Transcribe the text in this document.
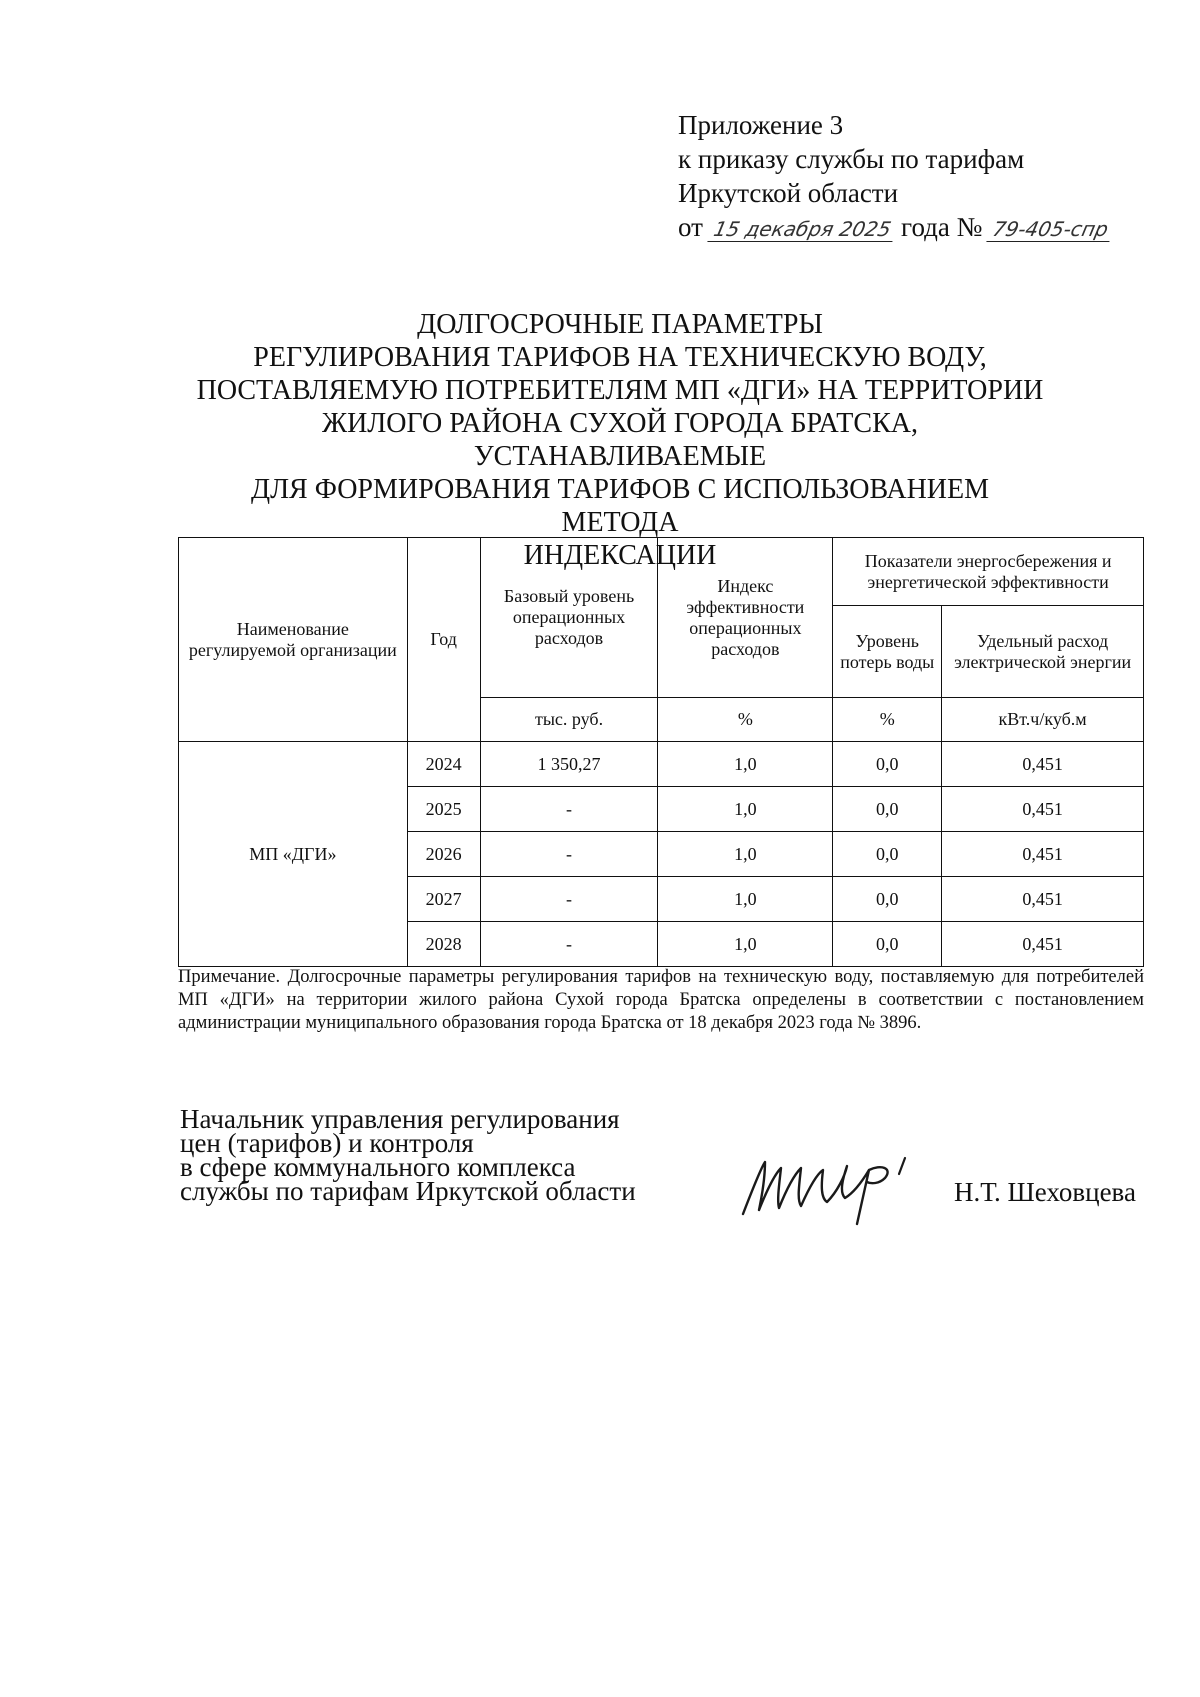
Приложение 3
к приказу службы по тарифам
Иркутской области
от 15 декабря 2025 года № 79-405-спр
ДОЛГОСРОЧНЫЕ ПАРАМЕТРЫ
РЕГУЛИРОВАНИЯ ТАРИФОВ НА ТЕХНИЧЕСКУЮ ВОДУ,
ПОСТАВЛЯЕМУЮ ПОТРЕБИТЕЛЯМ МП «ДГИ» НА ТЕРРИТОРИИ
ЖИЛОГО РАЙОНА СУХОЙ ГОРОДА БРАТСКА, УСТАНАВЛИВАЕМЫЕ
ДЛЯ ФОРМИРОВАНИЯ ТАРИФОВ С ИСПОЛЬЗОВАНИЕМ МЕТОДА
ИНДЕКСАЦИИ
Наименование регулируемой организации	Год	Базовый уровень операционных расходов	Индекс эффективности операционных расходов	Показатели энергосбережения и энергетической эффективности	
				Уровень потерь воды	Удельный расход электрической энергии
		тыс. руб.	%	%	кВт.ч/куб.м
МП «ДГИ»	2024	1 350,27	1,0	0,0	0,451
	2025	-	1,0	0,0	0,451
	2026	-	1,0	0,0	0,451
	2027	-	1,0	0,0	0,451
	2028	-	1,0	0,0	0,451
Примечание. Долгосрочные параметры регулирования тарифов на техническую воду, поставляемую для потребителей МП «ДГИ» на территории жилого района Сухой города Братска определены в соответствии с постановлением администрации муниципального образования города Братска от 18 декабря 2023 года № 3896.
Начальник управления регулирования
цен (тарифов) и контроля
в сфере коммунального комплекса
службы по тарифам Иркутской области	Н.Т. Шеховцева
